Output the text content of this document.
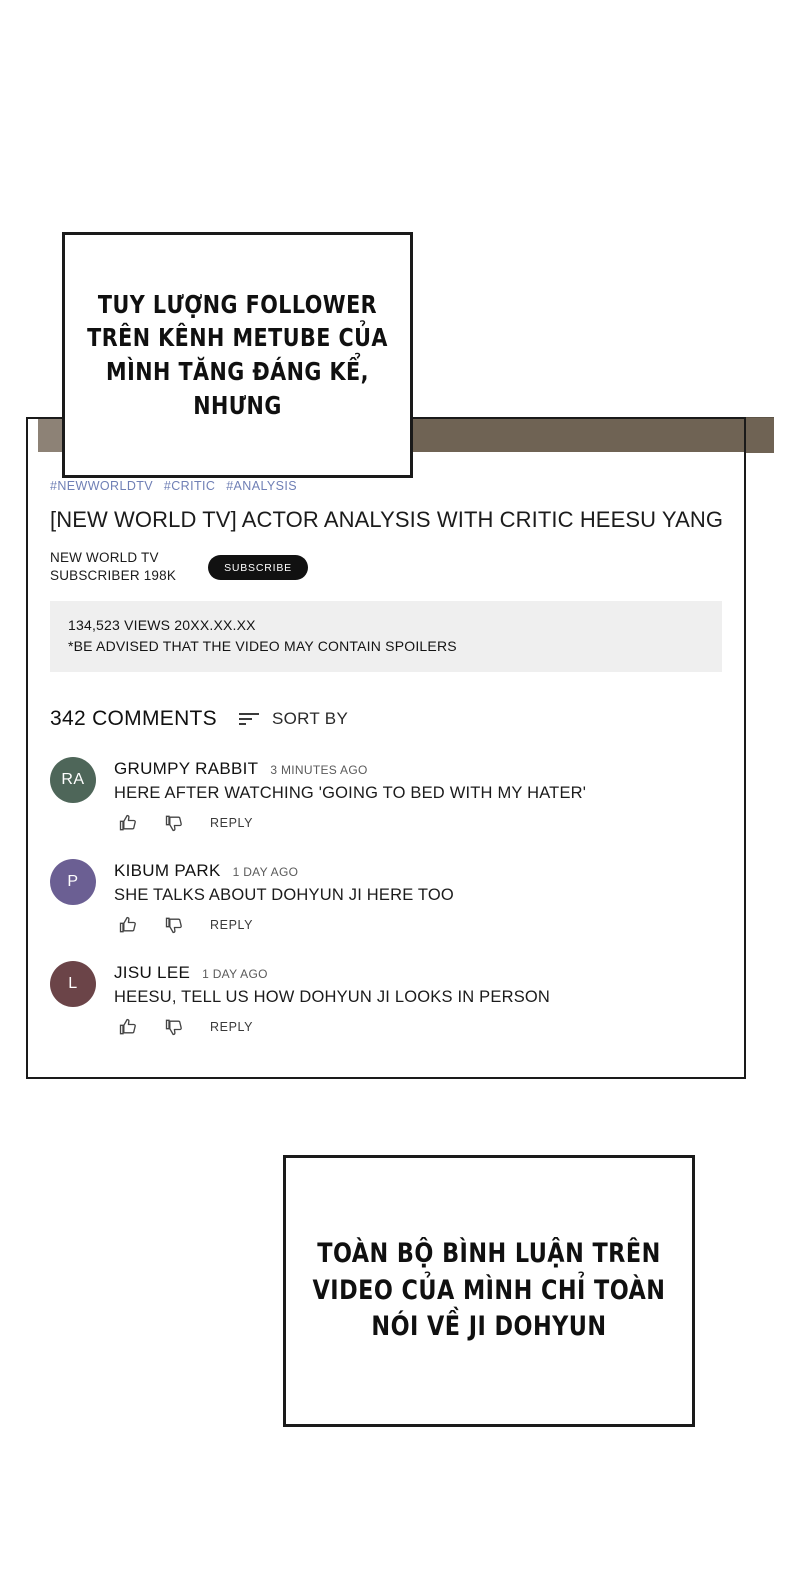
#NEWWORLDTV #CRITIC #ANALYSIS
[NEW WORLD TV] ACTOR ANALYSIS WITH CRITIC HEESU YANG
NEW WORLD TV
SUBSCRIBER 198K
SUBSCRIBE
134,523 VIEWS 20XX.XX.XX
*BE ADVISED THAT THE VIDEO MAY CONTAIN SPOILERS
342 COMMENTS	SORT BY
RA
GRUMPY RABBIT 3 MINUTES AGO
HERE AFTER WATCHING 'GOING TO BED WITH MY HATER'
REPLY
P
KIBUM PARK 1 DAY AGO
SHE TALKS ABOUT DOHYUN JI HERE TOO
REPLY
L
JISU LEE 1 DAY AGO
HEESU, TELL US HOW DOHYUN JI LOOKS IN PERSON
REPLY

TUY LƯỢNG FOLLOWER TRÊN KÊNH METUBE CỦA MÌNH TĂNG ĐÁNG KỂ, NHƯNG

TOÀN BỘ BÌNH LUẬN TRÊN VIDEO CỦA MÌNH CHỈ TOÀN NÓI VỀ JI DOHYUN
